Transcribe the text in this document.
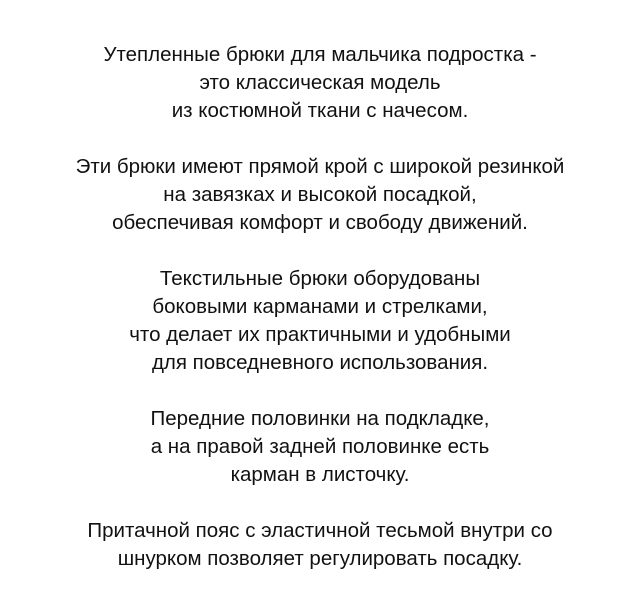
Утепленные брюки для мальчика подростка -
это классическая модель
из костюмной ткани с начесом.

Эти брюки имеют прямой крой с широкой резинкой
на завязках и высокой посадкой,
обеспечивая комфорт и свободу движений.

Текстильные брюки оборудованы
боковыми карманами и стрелками,
что делает их практичными и удобными
для повседневного использования.

Передние половинки на подкладке,
а на правой задней половинке есть
карман в листочку.

Притачной пояс с эластичной тесьмой внутри со
шнурком позволяет регулировать посадку.
